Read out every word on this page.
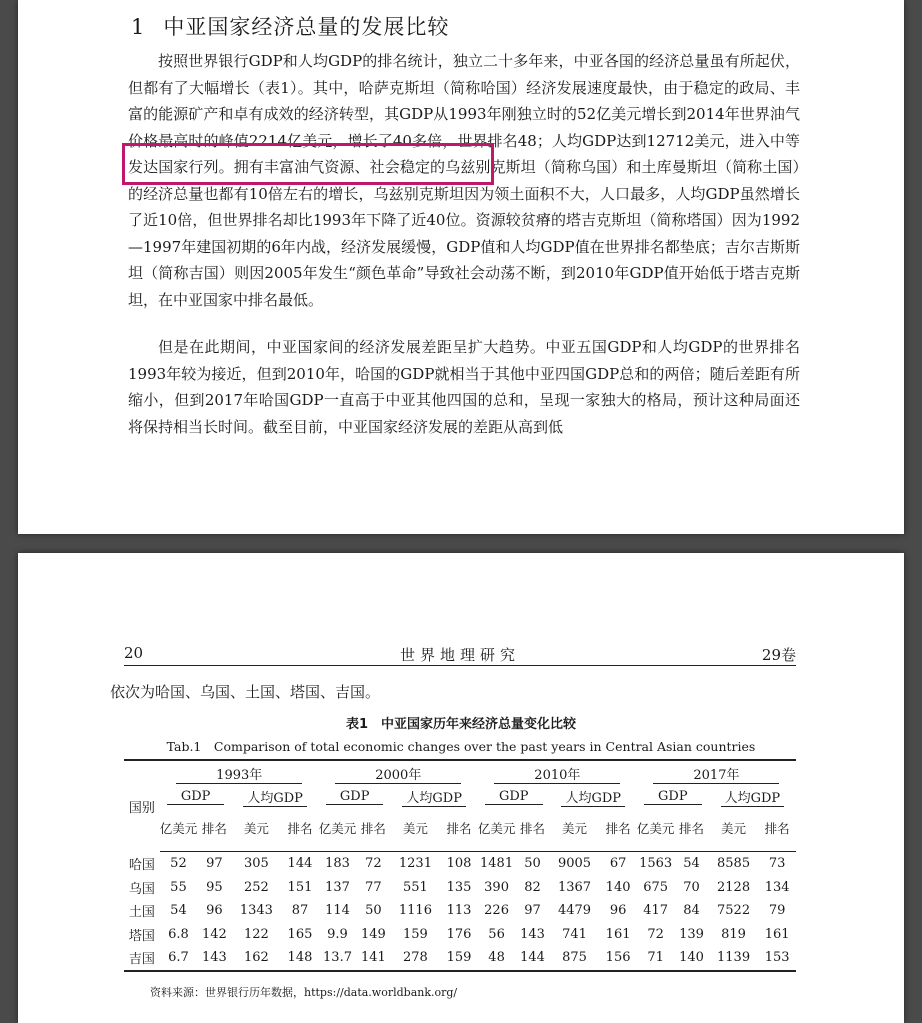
1 中亚国家经济总量的发展比较
按照世界银行GDP和人均GDP的排名统计，独立二十多年来，中亚各国的经济总量虽有所起伏，但都有了大幅增长（表1）。其中，哈萨克斯坦（简称哈国）经济发展速度最快，由于稳定的政局、丰富的能源矿产和卓有成效的经济转型，其GDP从1993年刚独立时的52亿美元增长到2014年世界油气价格最高时的峰值2214亿美元，增长了40多倍，世界排名48；人均GDP达到12712美元，进入中等发达国家行列。拥有丰富油气资源、社会稳定的乌兹别克斯坦（简称乌国）和土库曼斯坦（简称土国）的经济总量也都有10倍左右的增长，乌兹别克斯坦因为领土面积不大，人口最多，人均GDP虽然增长了近10倍，但世界排名却比1993年下降了近40位。资源较贫瘠的塔吉克斯坦（简称塔国）因为1992—1997年建国初期的6年内战，经济发展缓慢，GDP值和人均GDP值在世界排名都垫底；吉尔吉斯斯坦（简称吉国）则因2005年发生“颜色革命”导致社会动荡不断，到2010年GDP值开始低于塔吉克斯坦，在中亚国家中排名最低。
但是在此期间，中亚国家间的经济发展差距呈扩大趋势。中亚五国GDP和人均GDP的世界排名1993年较为接近，但到2010年，哈国的GDP就相当于其他中亚四国GDP总和的两倍；随后差距有所缩小，但到2017年哈国GDP一直高于中亚其他四国的总和，呈现一家独大的格局，预计这种局面还将保持相当长时间。截至目前，中亚国家经济发展的差距从高到低
20	世界地理研究	29卷
依次为哈国、乌国、土国、塔国、吉国。
表1　中亚国家历年来经济总量变化比较
Tab.1　Comparison of total economic changes over the past years in Central Asian countries
国别	1993年				2000年				2010年				2017年			
	GDP		人均GDP		GDP		人均GDP		GDP		人均GDP		GDP		人均GDP	
	亿美元	排名	美元	排名	亿美元	排名	美元	排名	亿美元	排名	美元	排名	亿美元	排名	美元	排名
哈国	52	97	305	144	183	72	1231	108	1481	50	9005	67	1563	54	8585	73
乌国	55	95	252	151	137	77	551	135	390	82	1367	140	675	70	2128	134
土国	54	96	1343	87	114	50	1116	113	226	97	4479	96	417	84	7522	79
塔国	6.8	142	122	165	9.9	149	159	176	56	143	741	161	72	139	819	161
吉国	6.7	143	162	148	13.7	141	278	159	48	144	875	156	71	140	1139	153
资料来源：世界银行历年数据，https://data.worldbank.org/
